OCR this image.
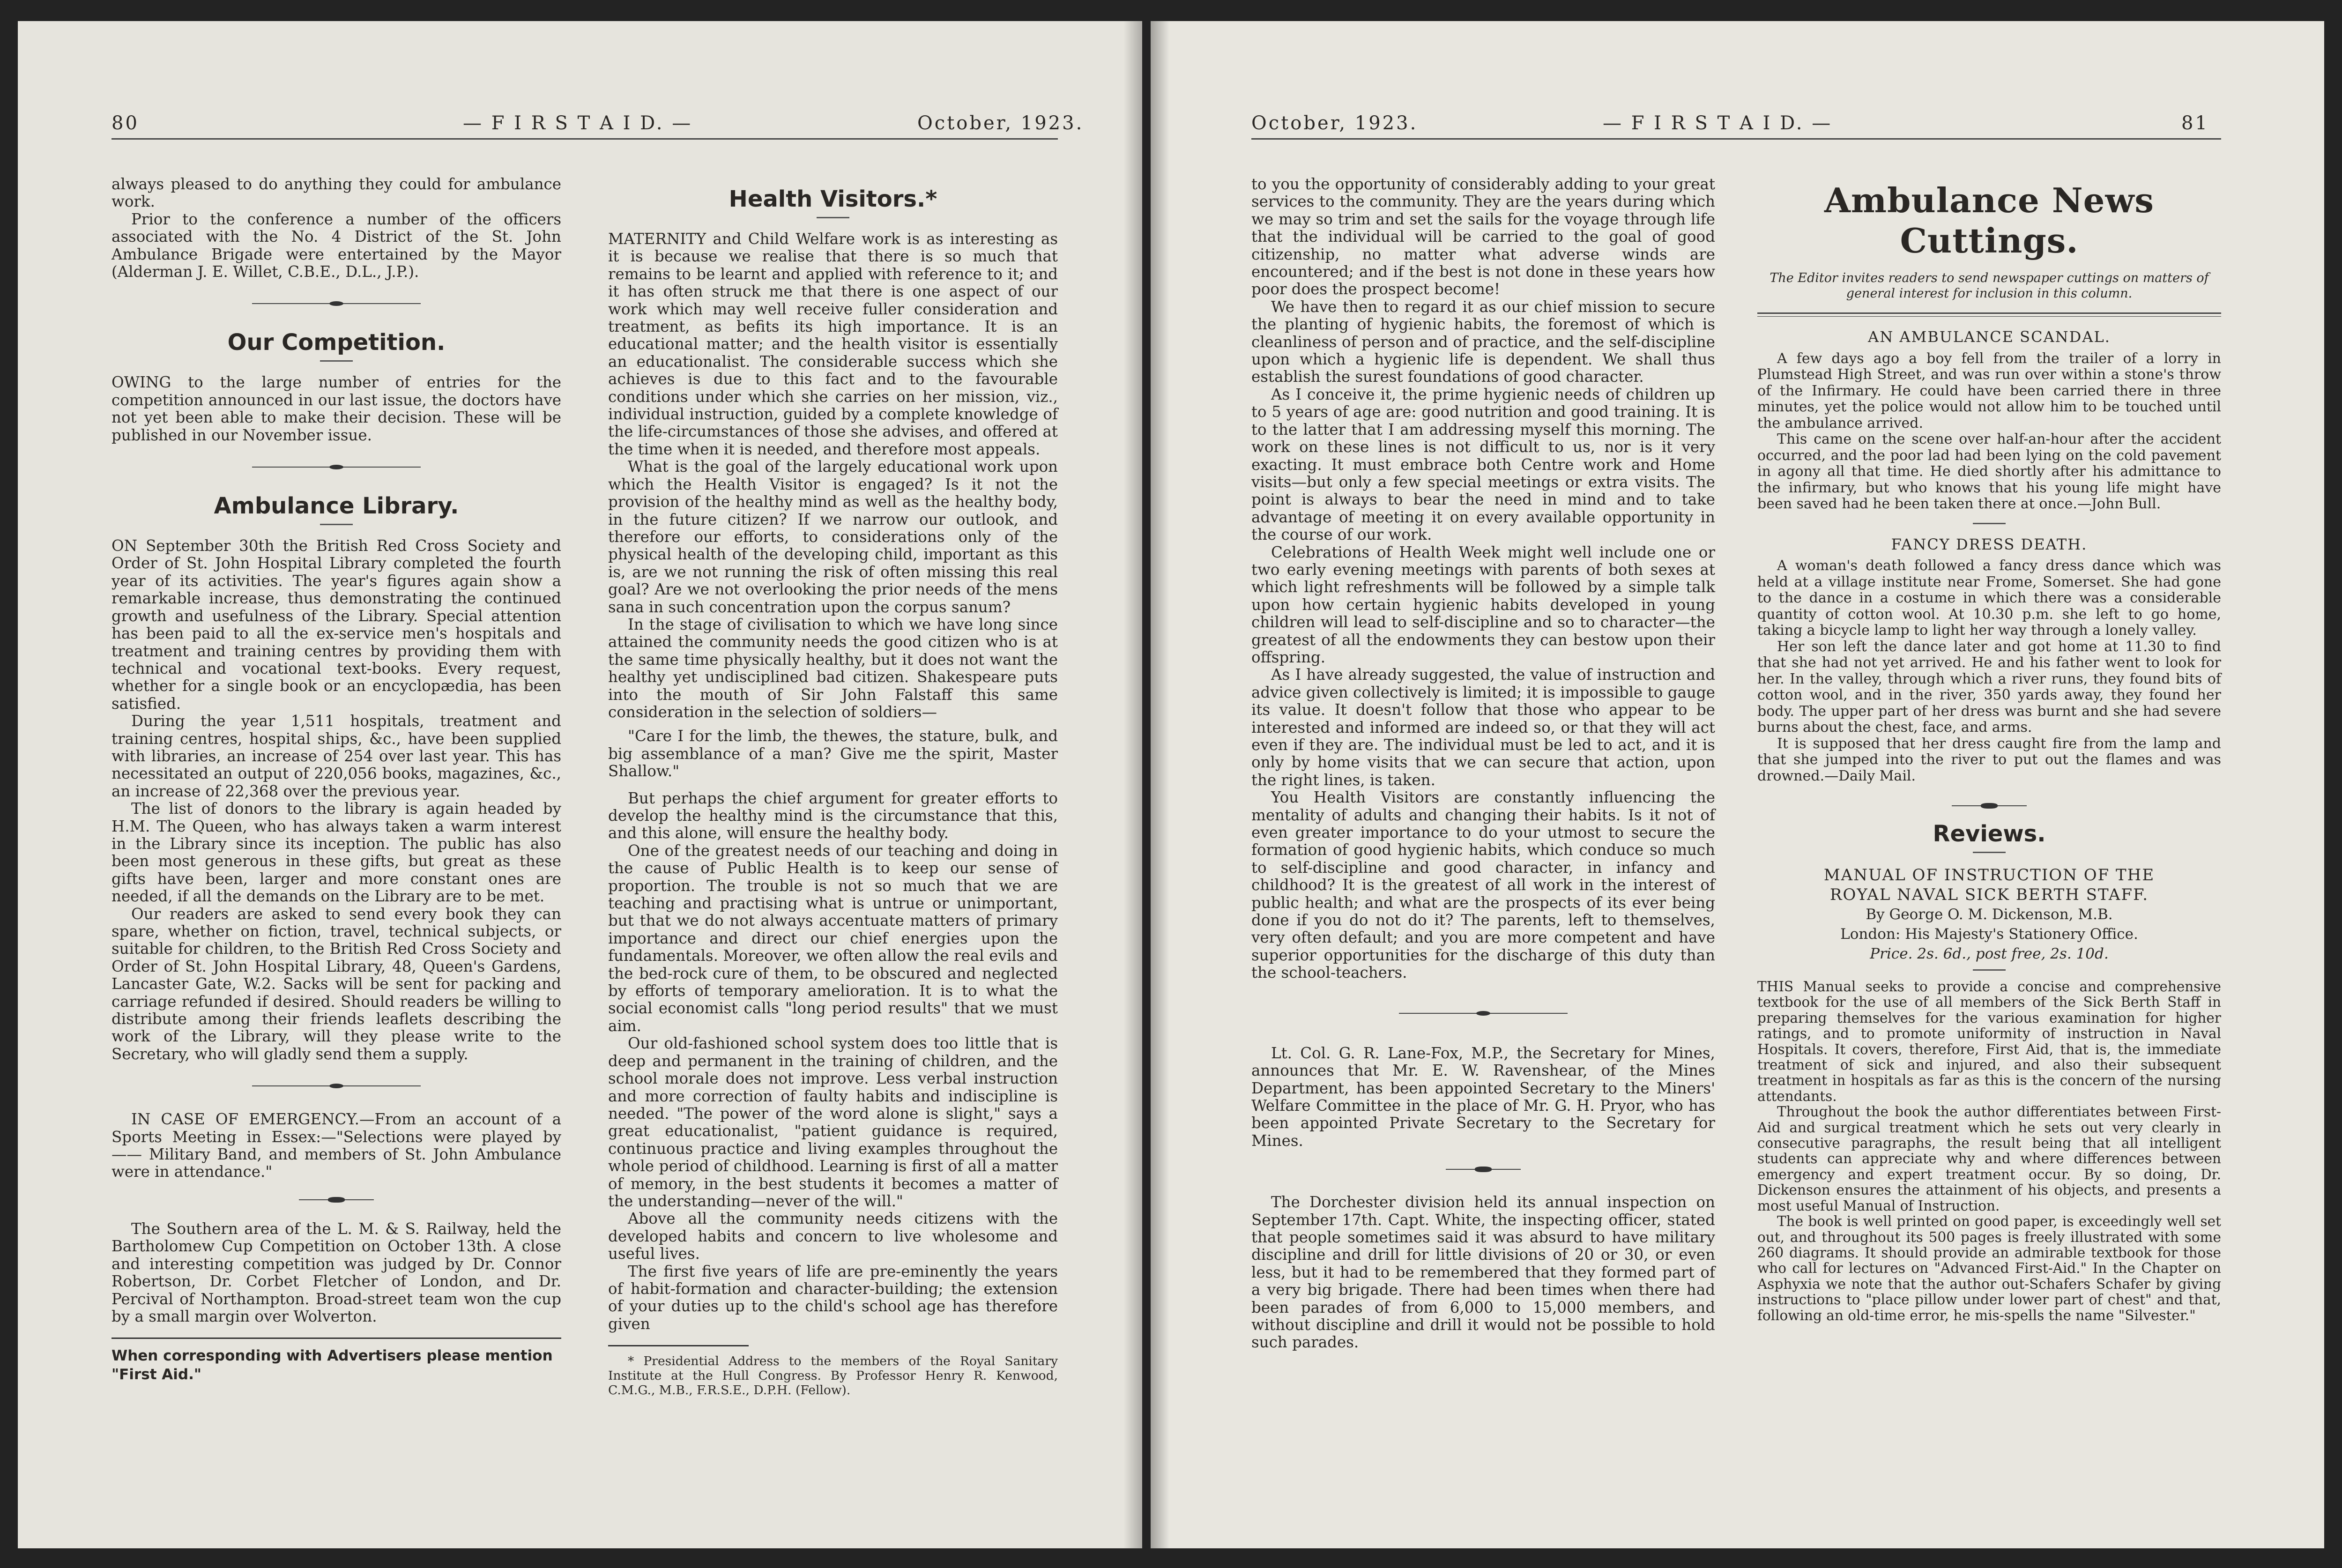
80	— F I R S T A I D. —	October, 1923.

always pleased to do anything they could for ambulance work.

Prior to the conference a number of the officers associated with the No. 4 District of the St. John Ambulance Brigade were entertained by the Mayor (Alderman J. E. Willet, C.B.E., D.L., J.P.).

Our Competition.

OWING to the large number of entries for the competition announced in our last issue, the doctors have not yet been able to make their decision. These will be published in our November issue.

Ambulance Library.

ON September 30th the British Red Cross Society and Order of St. John Hospital Library completed the fourth year of its activities. The year's figures again show a remarkable increase, thus demonstrating the continued growth and usefulness of the Library. Special attention has been paid to all the ex-service men's hospitals and treatment and training centres by providing them with technical and vocational text-books. Every request, whether for a single book or an encyclopædia, has been satisfied.

During the year 1,511 hospitals, treatment and training centres, hospital ships, &c., have been supplied with libraries, an increase of 254 over last year. This has necessitated an output of 220,056 books, magazines, &c., an increase of 22,368 over the previous year.

The list of donors to the library is again headed by H.M. The Queen, who has always taken a warm interest in the Library since its inception. The public has also been most generous in these gifts, but great as these gifts have been, larger and more constant ones are needed, if all the demands on the Library are to be met.

Our readers are asked to send every book they can spare, whether on fiction, travel, technical subjects, or suitable for children, to the British Red Cross Society and Order of St. John Hospital Library, 48, Queen's Gardens, Lancaster Gate, W.2. Sacks will be sent for packing and carriage refunded if desired. Should readers be willing to distribute among their friends leaflets describing the work of the Library, will they please write to the Secretary, who will gladly send them a supply.

IN CASE OF EMERGENCY.—From an account of a Sports Meeting in Essex:—"Selections were played by —— Military Band, and members of St. John Ambulance were in attendance."

The Southern area of the L. M. & S. Railway, held the Bartholomew Cup Competition on October 13th. A close and interesting competition was judged by Dr. Connor Robertson, Dr. Corbet Fletcher of London, and Dr. Percival of Northampton. Broad-street team won the cup by a small margin over Wolverton.

When corresponding with Advertisers please mention "First Aid."
Health Visitors.*

MATERNITY and Child Welfare work is as interesting as it is because we realise that there is so much that remains to be learnt and applied with reference to it; and it has often struck me that there is one aspect of our work which may well receive fuller consideration and treatment, as befits its high importance. It is an educational matter; and the health visitor is essentially an educationalist. The considerable success which she achieves is due to this fact and to the favourable conditions under which she carries on her mission, viz., individual instruction, guided by a complete knowledge of the life-circumstances of those she advises, and offered at the time when it is needed, and therefore most appeals.

What is the goal of the largely educational work upon which the Health Visitor is engaged? Is it not the provision of the healthy mind as well as the healthy body, in the future citizen? If we narrow our outlook, and therefore our efforts, to considerations only of the physical health of the developing child, important as this is, are we not running the risk of often missing this real goal? Are we not overlooking the prior needs of the mens sana in such concentration upon the corpus sanum?

In the stage of civilisation to which we have long since attained the community needs the good citizen who is at the same time physically healthy, but it does not want the healthy yet undisciplined bad citizen. Shakespeare puts into the mouth of Sir John Falstaff this same consideration in the selection of soldiers—

"Care I for the limb, the thewes, the stature, bulk, and big assemblance of a man? Give me the spirit, Master Shallow."

But perhaps the chief argument for greater efforts to develop the healthy mind is the circumstance that this, and this alone, will ensure the healthy body.

One of the greatest needs of our teaching and doing in the cause of Public Health is to keep our sense of proportion. The trouble is not so much that we are teaching and practising what is untrue or unimportant, but that we do not always accentuate matters of primary importance and direct our chief energies upon the fundamentals. Moreover, we often allow the real evils and the bed-rock cure of them, to be obscured and neglected by efforts of temporary amelioration. It is to what the social economist calls "long period results" that we must aim.

Our old-fashioned school system does too little that is deep and permanent in the training of children, and the school morale does not improve. Less verbal instruction and more correction of faulty habits and indiscipline is needed. "The power of the word alone is slight," says a great educationalist, "patient guidance is required, continuous practice and living examples throughout the whole period of childhood. Learning is first of all a matter of memory, in the best students it becomes a matter of the understanding—never of the will."

Above all the community needs citizens with the developed habits and concern to live wholesome and useful lives.

The first five years of life are pre-eminently the years of habit-formation and character-building; the extension of your duties up to the child's school age has therefore given

* Presidential Address to the members of the Royal Sanitary Institute at the Hull Congress. By Professor Henry R. Kenwood, C.M.G., M.B., F.R.S.E., D.P.H. (Fellow).

October, 1923.	— F I R S T A I D. —	81

to you the opportunity of considerably adding to your great services to the community. They are the years during which we may so trim and set the sails for the voyage through life that the individual will be carried to the goal of good citizenship, no matter what adverse winds are encountered; and if the best is not done in these years how poor does the prospect become!

We have then to regard it as our chief mission to secure the planting of hygienic habits, the foremost of which is cleanliness of person and of practice, and the self-discipline upon which a hygienic life is dependent. We shall thus establish the surest foundations of good character.

As I conceive it, the prime hygienic needs of children up to 5 years of age are: good nutrition and good training. It is to the latter that I am addressing myself this morning. The work on these lines is not difficult to us, nor is it very exacting. It must embrace both Centre work and Home visits—but only a few special meetings or extra visits. The point is always to bear the need in mind and to take advantage of meeting it on every available opportunity in the course of our work.

Celebrations of Health Week might well include one or two early evening meetings with parents of both sexes at which light refreshments will be followed by a simple talk upon how certain hygienic habits developed in young children will lead to self-discipline and so to character—the greatest of all the endowments they can bestow upon their offspring.

As I have already suggested, the value of instruction and advice given collectively is limited; it is impossible to gauge its value. It doesn't follow that those who appear to be interested and informed are indeed so, or that they will act even if they are. The individual must be led to act, and it is only by home visits that we can secure that action, upon the right lines, is taken.

You Health Visitors are constantly influencing the mentality of adults and changing their habits. Is it not of even greater importance to do your utmost to secure the formation of good hygienic habits, which conduce so much to self-discipline and good character, in infancy and childhood? It is the greatest of all work in the interest of public health; and what are the prospects of its ever being done if you do not do it? The parents, left to themselves, very often default; and you are more competent and have superior opportunities for the discharge of this duty than the school-teachers.

Lt. Col. G. R. Lane-Fox, M.P., the Secretary for Mines, announces that Mr. E. W. Ravenshear, of the Mines Department, has been appointed Secretary to the Miners' Welfare Committee in the place of Mr. G. H. Pryor, who has been appointed Private Secretary to the Secretary for Mines.

The Dorchester division held its annual inspection on September 17th. Capt. White, the inspecting officer, stated that people sometimes said it was absurd to have military discipline and drill for little divisions of 20 or 30, or even less, but it had to be remembered that they formed part of a very big brigade. There had been times when there had been parades of from 6,000 to 15,000 members, and without discipline and drill it would not be possible to hold such parades.

Ambulance News Cuttings.
The Editor invites readers to send newspaper cuttings on matters of general interest for inclusion in this column.
AN AMBULANCE SCANDAL.

A few days ago a boy fell from the trailer of a lorry in Plumstead High Street, and was run over within a stone's throw of the Infirmary. He could have been carried there in three minutes, yet the police would not allow him to be touched until the ambulance arrived.

This came on the scene over half-an-hour after the accident occurred, and the poor lad had been lying on the cold pavement in agony all that time. He died shortly after his admittance to the infirmary, but who knows that his young life might have been saved had he been taken there at once.—John Bull.

FANCY DRESS DEATH.

A woman's death followed a fancy dress dance which was held at a village institute near Frome, Somerset. She had gone to the dance in a costume in which there was a considerable quantity of cotton wool. At 10.30 p.m. she left to go home, taking a bicycle lamp to light her way through a lonely valley.

Her son left the dance later and got home at 11.30 to find that she had not yet arrived. He and his father went to look for her. In the valley, through which a river runs, they found bits of cotton wool, and in the river, 350 yards away, they found her body. The upper part of her dress was burnt and she had severe burns about the chest, face, and arms.

It is supposed that her dress caught fire from the lamp and that she jumped into the river to put out the flames and was drowned.—Daily Mail.

Reviews.
MANUAL OF INSTRUCTION OF THE
ROYAL NAVAL SICK BERTH STAFF.
By George O. M. Dickenson, M.B.
London: His Majesty's Stationery Office.
Price. 2s. 6d., post free, 2s. 10d.

THIS Manual seeks to provide a concise and comprehensive textbook for the use of all members of the Sick Berth Staff in preparing themselves for the various examination for higher ratings, and to promote uniformity of instruction in Naval Hospitals. It covers, therefore, First Aid, that is, the immediate treatment of sick and injured, and also their subsequent treatment in hospitals as far as this is the concern of the nursing attendants.

Throughout the book the author differentiates between First-Aid and surgical treatment which he sets out very clearly in consecutive paragraphs, the result being that all intelligent students can appreciate why and where differences between emergency and expert treatment occur. By so doing, Dr. Dickenson ensures the attainment of his objects, and presents a most useful Manual of Instruction.

The book is well printed on good paper, is exceedingly well set out, and throughout its 500 pages is freely illustrated with some 260 diagrams. It should provide an admirable textbook for those who call for lectures on "Advanced First-Aid." In the Chapter on Asphyxia we note that the author out-Schafers Schafer by giving instructions to "place pillow under lower part of chest" and that, following an old-time error, he mis-spells the name "Silvester."
